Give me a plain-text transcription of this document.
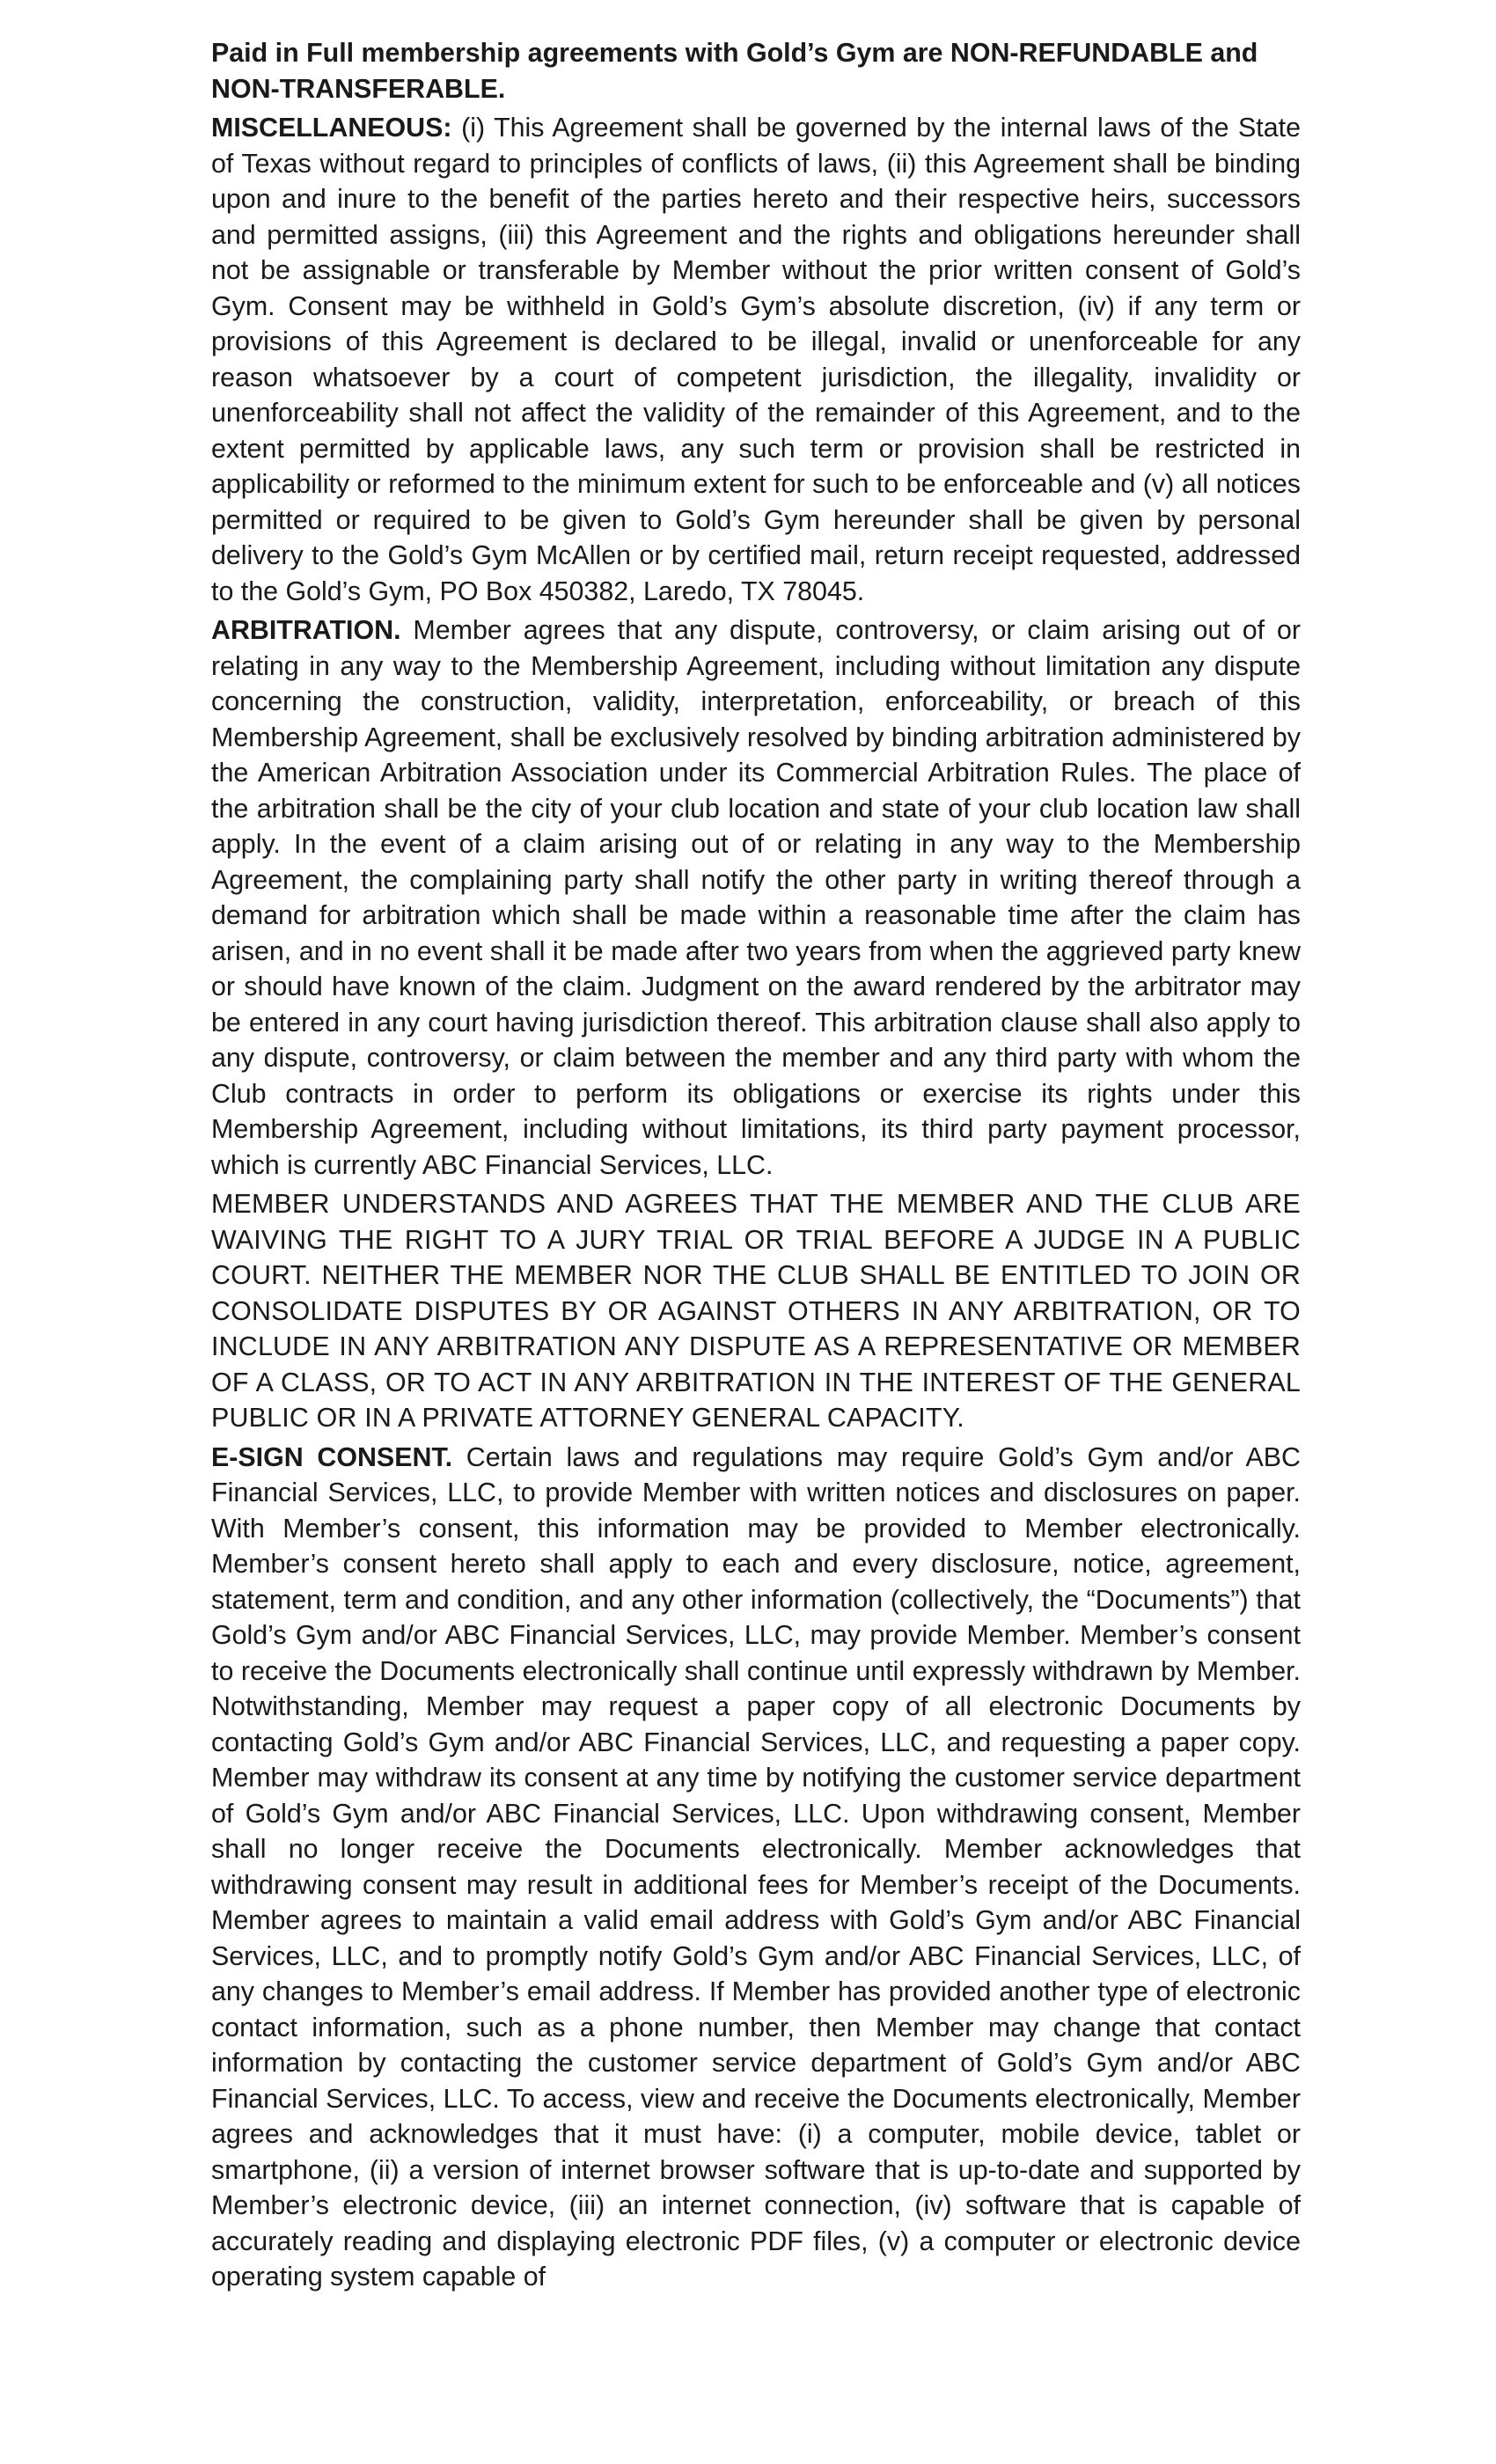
Paid in Full membership agreements with Gold’s Gym are NON-REFUNDABLE and NON-TRANSFERABLE.

MISCELLANEOUS: (i) This Agreement shall be governed by the internal laws of the State of Texas without regard to principles of conflicts of laws, (ii) this Agreement shall be binding upon and inure to the benefit of the parties hereto and their respective heirs, successors and permitted assigns, (iii) this Agreement and the rights and obligations hereunder shall not be assignable or transferable by Member without the prior written consent of Gold’s Gym. Consent may be withheld in Gold’s Gym’s absolute discretion, (iv) if any term or provisions of this Agreement is declared to be illegal, invalid or unenforceable for any reason whatsoever by a court of competent jurisdiction, the illegality, invalidity or unenforceability shall not affect the validity of the remainder of this Agreement, and to the extent permitted by applicable laws, any such term or provision shall be restricted in applicability or reformed to the minimum extent for such to be enforceable and (v) all notices permitted or required to be given to Gold’s Gym hereunder shall be given by personal delivery to the Gold’s Gym McAllen or by certified mail, return receipt requested, addressed to the Gold’s Gym, PO Box 450382, Laredo, TX 78045.

ARBITRATION. Member agrees that any dispute, controversy, or claim arising out of or relating in any way to the Membership Agreement, including without limitation any dispute concerning the construction, validity, interpretation, enforceability, or breach of this Membership Agreement, shall be exclusively resolved by binding arbitration administered by the American Arbitration Association under its Commercial Arbitration Rules. The place of the arbitration shall be the city of your club location and state of your club location law shall apply. In the event of a claim arising out of or relating in any way to the Membership Agreement, the complaining party shall notify the other party in writing thereof through a demand for arbitration which shall be made within a reasonable time after the claim has arisen, and in no event shall it be made after two years from when the aggrieved party knew or should have known of the claim. Judgment on the award rendered by the arbitrator may be entered in any court having jurisdiction thereof. This arbitration clause shall also apply to any dispute, controversy, or claim between the member and any third party with whom the Club contracts in order to perform its obligations or exercise its rights under this Membership Agreement, including without limitations, its third party payment processor, which is currently ABC Financial Services, LLC.

MEMBER UNDERSTANDS AND AGREES THAT THE MEMBER AND THE CLUB ARE WAIVING THE RIGHT TO A JURY TRIAL OR TRIAL BEFORE A JUDGE IN A PUBLIC COURT. NEITHER THE MEMBER NOR THE CLUB SHALL BE ENTITLED TO JOIN OR CONSOLIDATE DISPUTES BY OR AGAINST OTHERS IN ANY ARBITRATION, OR TO INCLUDE IN ANY ARBITRATION ANY DISPUTE AS A REPRESENTATIVE OR MEMBER OF A CLASS, OR TO ACT IN ANY ARBITRATION IN THE INTEREST OF THE GENERAL PUBLIC OR IN A PRIVATE ATTORNEY GENERAL CAPACITY.

E-SIGN CONSENT. Certain laws and regulations may require Gold’s Gym and/or ABC Financial Services, LLC, to provide Member with written notices and disclosures on paper. With Member’s consent, this information may be provided to Member electronically. Member’s consent hereto shall apply to each and every disclosure, notice, agreement, statement, term and condition, and any other information (collectively, the “Documents”) that Gold’s Gym and/or ABC Financial Services, LLC, may provide Member. Member’s consent to receive the Documents electronically shall continue until expressly withdrawn by Member. Notwithstanding, Member may request a paper copy of all electronic Documents by contacting Gold’s Gym and/or ABC Financial Services, LLC, and requesting a paper copy. Member may withdraw its consent at any time by notifying the customer service department of Gold’s Gym and/or ABC Financial Services, LLC. Upon withdrawing consent, Member shall no longer receive the Documents electronically. Member acknowledges that withdrawing consent may result in additional fees for Member’s receipt of the Documents. Member agrees to maintain a valid email address with Gold’s Gym and/or ABC Financial Services, LLC, and to promptly notify Gold’s Gym and/or ABC Financial Services, LLC, of any changes to Member’s email address. If Member has provided another type of electronic contact information, such as a phone number, then Member may change that contact information by contacting the customer service department of Gold’s Gym and/or ABC Financial Services, LLC. To access, view and receive the Documents electronically, Member agrees and acknowledges that it must have: (i) a computer, mobile device, tablet or smartphone, (ii) a version of internet browser software that is up-to-date and supported by Member’s electronic device, (iii) an internet connection, (iv) software that is capable of accurately reading and displaying electronic PDF files, (v) a computer or electronic device operating system capable of
